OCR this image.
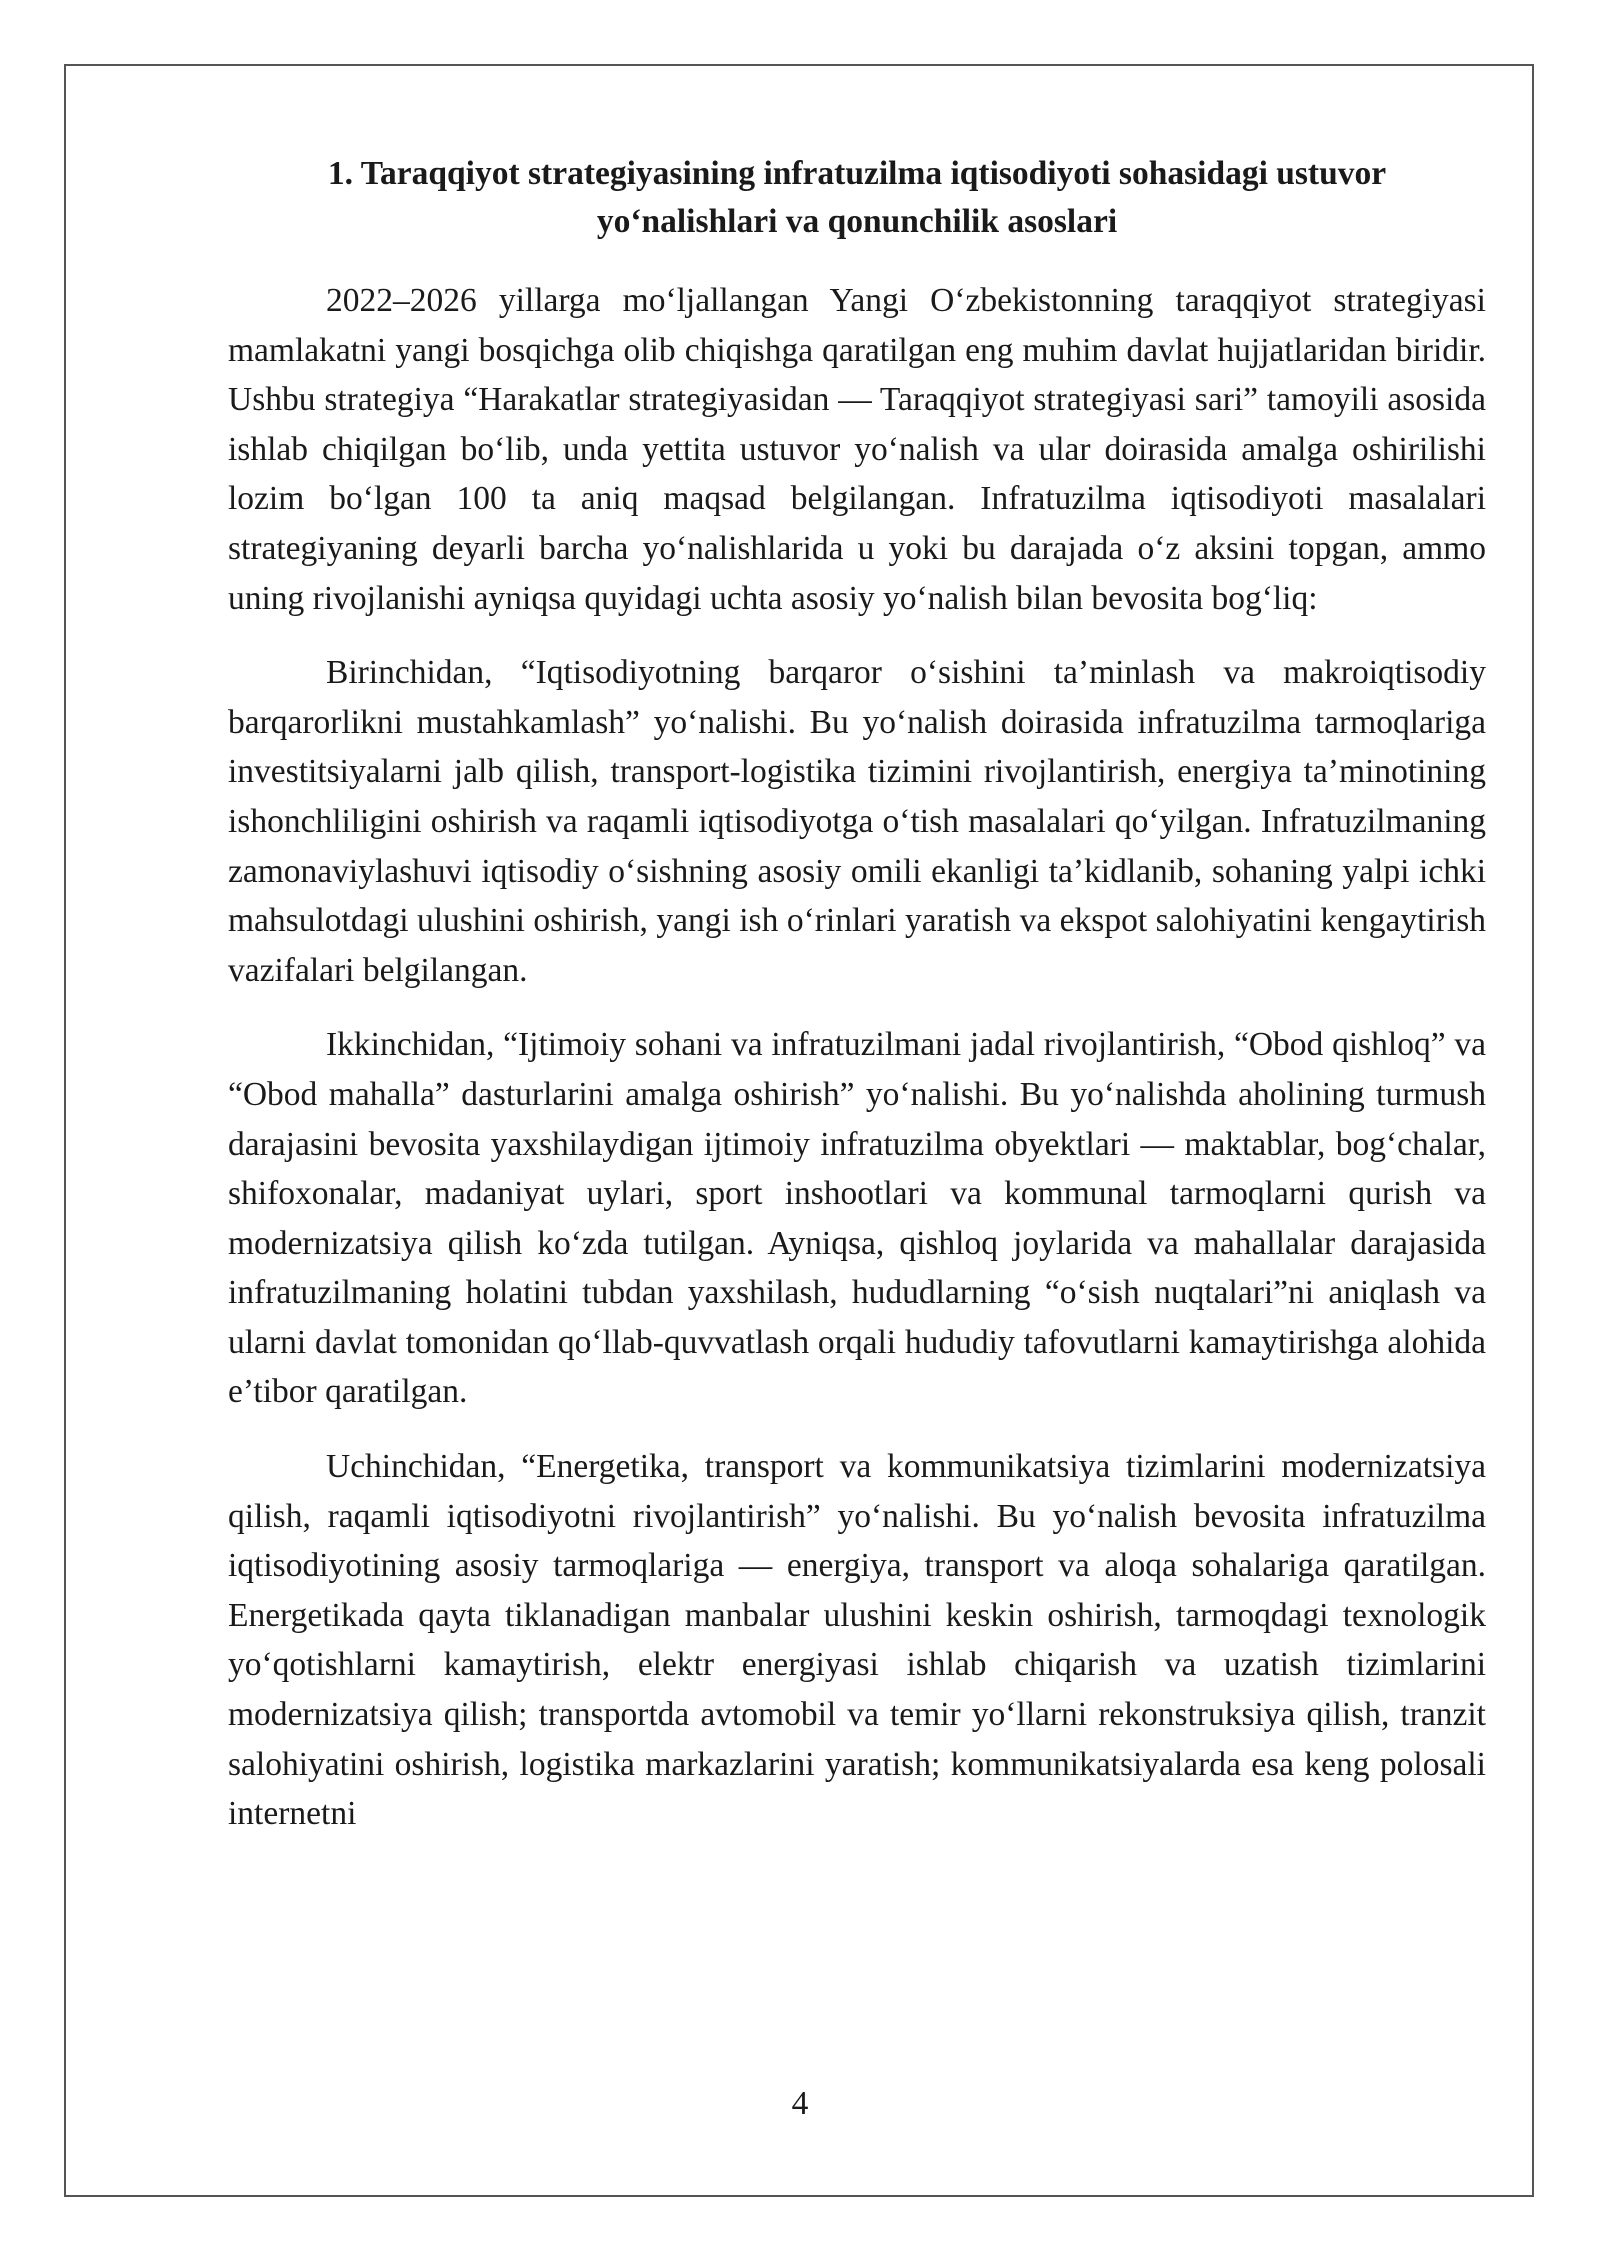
1. Taraqqiyot strategiyasining infratuzilma iqtisodiyoti sohasidagi ustuvor
yo‘nalishlari va qonunchilik asoslari

2022–2026 yillarga mo‘ljallangan Yangi O‘zbekistonning taraqqiyot strategiyasi mamlakatni yangi bosqichga olib chiqishga qaratilgan eng muhim davlat hujjatlaridan biridir. Ushbu strategiya “Harakatlar strategiyasidan — Taraqqiyot strategiyasi sari” tamoyili asosida ishlab chiqilgan bo‘lib, unda yettita ustuvor yo‘nalish va ular doirasida amalga oshirilishi lozim bo‘lgan 100 ta aniq maqsad belgilangan. Infratuzilma iqtisodiyoti masalalari strategiyaning deyarli barcha yo‘nalishlarida u yoki bu darajada o‘z aksini topgan, ammo uning rivojlanishi ayniqsa quyidagi uchta asosiy yo‘nalish bilan bevosita bog‘liq:

Birinchidan, “Iqtisodiyotning barqaror o‘sishini ta’minlash va makroiqtisodiy barqarorlikni mustahkamlash” yo‘nalishi. Bu yo‘nalish doirasida infratuzilma tarmoqlariga investitsiyalarni jalb qilish, transport-logistika tizimini rivojlantirish, energiya ta’minotining ishonchliligini oshirish va raqamli iqtisodiyotga o‘tish masalalari qo‘yilgan. Infratuzilmaning zamonaviylashuvi iqtisodiy o‘sishning asosiy omili ekanligi ta’kidlanib, sohaning yalpi ichki mahsulotdagi ulushini oshirish, yangi ish o‘rinlari yaratish va ekspot salohiyatini kengaytirish vazifalari belgilangan.

Ikkinchidan, “Ijtimoiy sohani va infratuzilmani jadal rivojlantirish, “Obod qishloq” va “Obod mahalla” dasturlarini amalga oshirish” yo‘nalishi. Bu yo‘nalishda aholining turmush darajasini bevosita yaxshilaydigan ijtimoiy infratuzilma obyektlari — maktablar, bog‘chalar, shifoxonalar, madaniyat uylari, sport inshootlari va kommunal tarmoqlarni qurish va modernizatsiya qilish ko‘zda tutilgan. Ayniqsa, qishloq joylarida va mahallalar darajasida infratuzilmaning holatini tubdan yaxshilash, hududlarning “o‘sish nuqtalari”ni aniqlash va ularni davlat tomonidan qo‘llab-quvvatlash orqali hududiy tafovutlarni kamaytirishga alohida e’tibor qaratilgan.

Uchinchidan, “Energetika, transport va kommunikatsiya tizimlarini modernizatsiya qilish, raqamli iqtisodiyotni rivojlantirish” yo‘nalishi. Bu yo‘nalish bevosita infratuzilma iqtisodiyotining asosiy tarmoqlariga — energiya, transport va aloqa sohalariga qaratilgan. Energetikada qayta tiklanadigan manbalar ulushini keskin oshirish, tarmoqdagi texnologik yo‘qotishlarni kamaytirish, elektr energiyasi ishlab chiqarish va uzatish tizimlarini modernizatsiya qilish; transportda avtomobil va temir yo‘llarni rekonstruksiya qilish, tranzit salohiyatini oshirish, logistika markazlarini yaratish; kommunikatsiyalarda esa keng polosali internetni

4
